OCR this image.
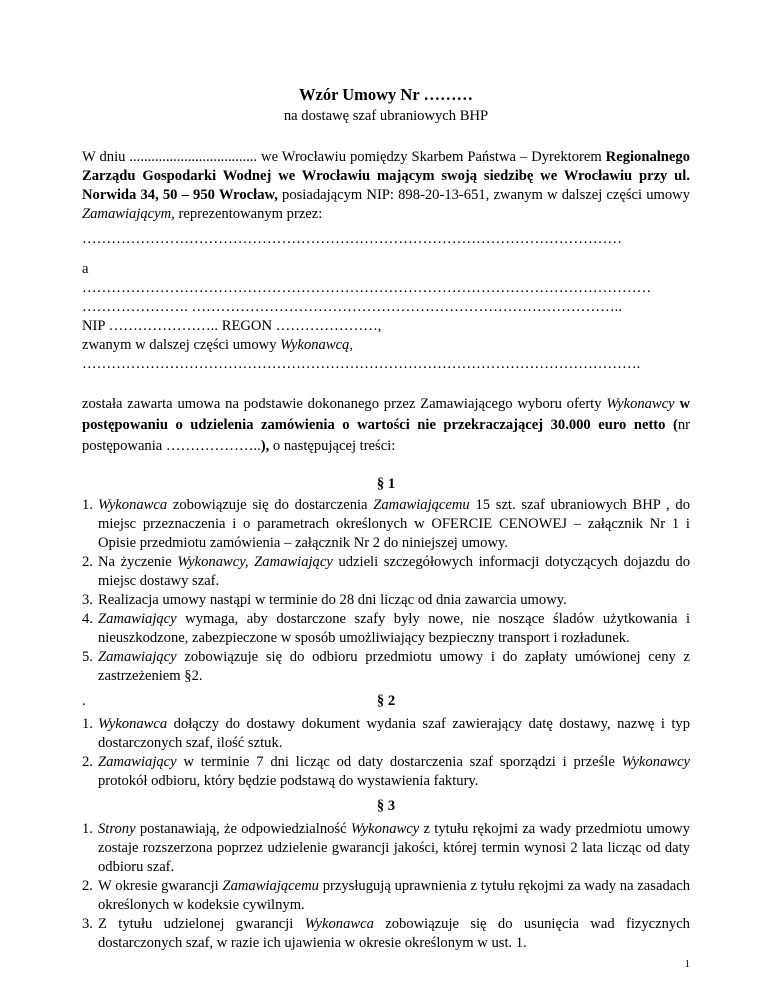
Wzór Umowy Nr ………

na dostawę szaf ubraniowych BHP

W dniu ................................... we Wrocławiu pomiędzy Skarbem Państwa – Dyrektorem Regionalnego Zarządu Gospodarki Wodnej we Wrocławiu mającym swoją siedzibę we Wrocławiu przy ul. Norwida 34, 50 – 950 Wrocław, posiadającym NIP: 898-20-13-651, zwanym w dalszej części umowy Zamawiającym, reprezentowanym przez:

…………………………………………………………………………………………………

a

………………………………………………………………………………………………………

…………………. ……………………………………………………………………………..

NIP ………………….. REGON …………………,

zwanym w dalszej części umowy Wykonawcą,

…………………………………………………………………………………………………….

została zawarta umowa na podstawie dokonanego przez Zamawiającego wyboru oferty Wykonawcy w postępowaniu o udzielenia zamówienia o wartości nie przekraczającej 30.000 euro netto (nr postępowania ………………..), o następującej treści:

§ 1

1. Wykonawca zobowiązuje się do dostarczenia Zamawiającemu 15 szt. szaf ubraniowych BHP , do miejsc przeznaczenia i o parametrach określonych w OFERCIE CENOWEJ – załącznik Nr 1 i Opisie przedmiotu zamówienia – załącznik Nr 2 do niniejszej umowy.
2. Na życzenie Wykonawcy, Zamawiający udzieli szczegółowych informacji dotyczących dojazdu do miejsc dostawy szaf.
3. Realizacja umowy nastąpi w terminie do 28 dni licząc od dnia zawarcia umowy.
4. Zamawiający wymaga, aby dostarczone szafy były nowe, nie noszące śladów użytkowania i nieuszkodzone, zabezpieczone w sposób umożliwiający bezpieczny transport i rozładunek.
5. Zamawiający zobowiązuje się do odbioru przedmiotu umowy i do zapłaty umówionej ceny z zastrzeżeniem §2.

§ 2
.

1. Wykonawca dołączy do dostawy dokument wydania szaf zawierający datę dostawy, nazwę i typ dostarczonych szaf, ilość sztuk.
2. Zamawiający w terminie 7 dni licząc od daty dostarczenia szaf sporządzi i prześle Wykonawcy protokół odbioru, który będzie podstawą do wystawienia faktury.

§ 3

1. Strony postanawiają, że odpowiedzialność Wykonawcy z tytułu rękojmi za wady przedmiotu umowy zostaje rozszerzona poprzez udzielenie gwarancji jakości, której termin wynosi 2 lata licząc od daty odbioru szaf.
2. W okresie gwarancji Zamawiającemu przysługują uprawnienia z tytułu rękojmi za wady na zasadach określonych w kodeksie cywilnym.
3. Z tytułu udzielonej gwarancji Wykonawca zobowiązuje się do usunięcia wad fizycznych dostarczonych szaf, w razie ich ujawienia w okresie określonym w ust. 1.
1
